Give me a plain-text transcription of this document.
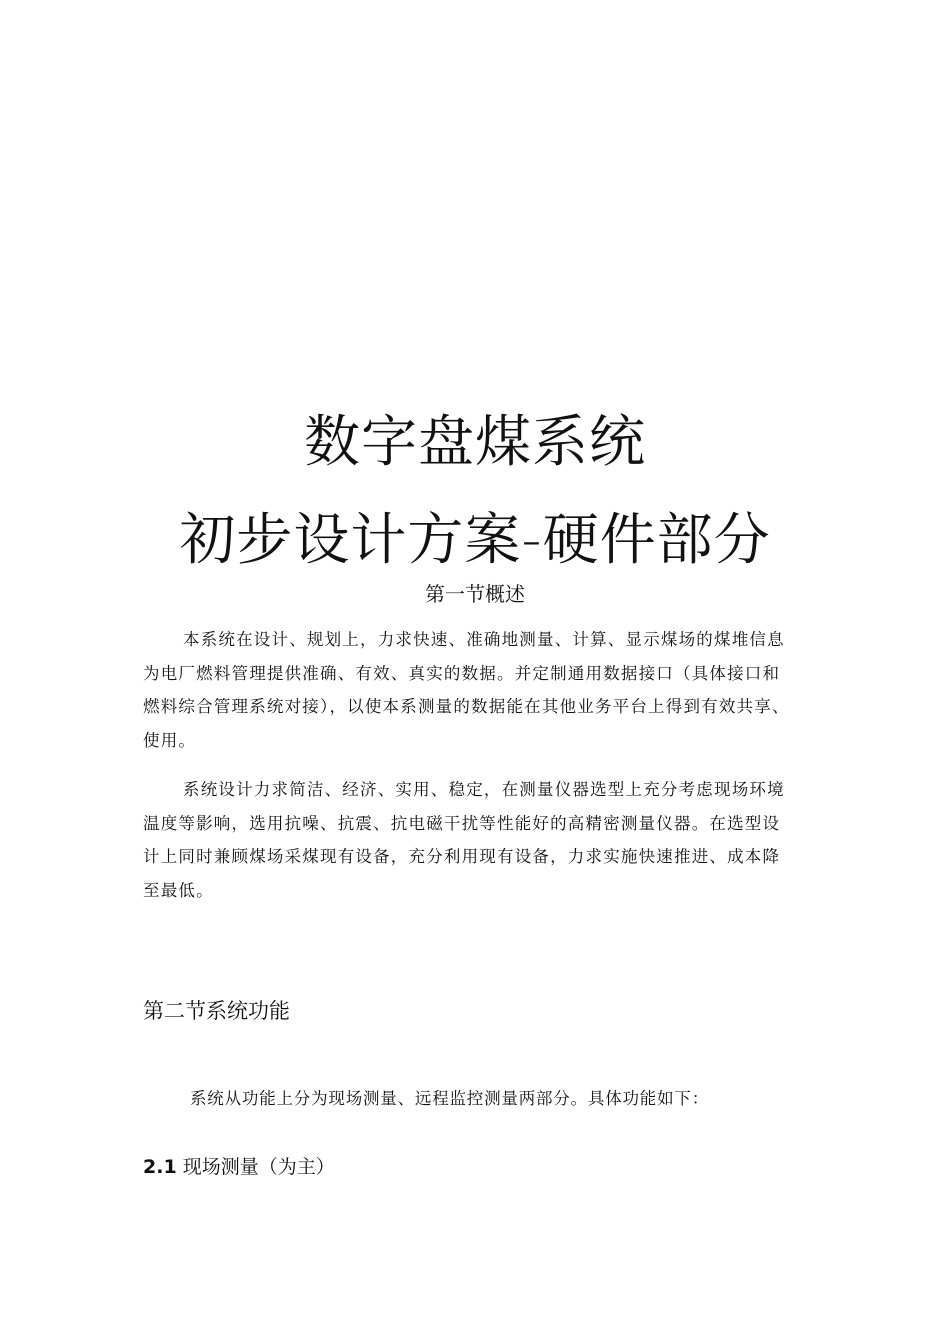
数字盘煤系统
初步设计方案-硬件部分
第一节概述
本系统在设计、规划上，力求快速、准确地测量、计算、显示煤场的煤堆信息
为电厂燃料管理提供准确、有效、真实的数据。并定制通用数据接口（具体接口和
燃料综合管理系统对接），以使本系测量的数据能在其他业务平台上得到有效共享、
使用。
系统设计力求简洁、经济、实用、稳定，在测量仪器选型上充分考虑现场环境
温度等影响，选用抗噪、抗震、抗电磁干扰等性能好的高精密测量仪器。在选型设
计上同时兼顾煤场采煤现有设备，充分利用现有设备，力求实施快速推进、成本降
至最低。
第二节系统功能
系统从功能上分为现场测量、远程监控测量两部分。具体功能如下：
2.1 现场测量（为主）
